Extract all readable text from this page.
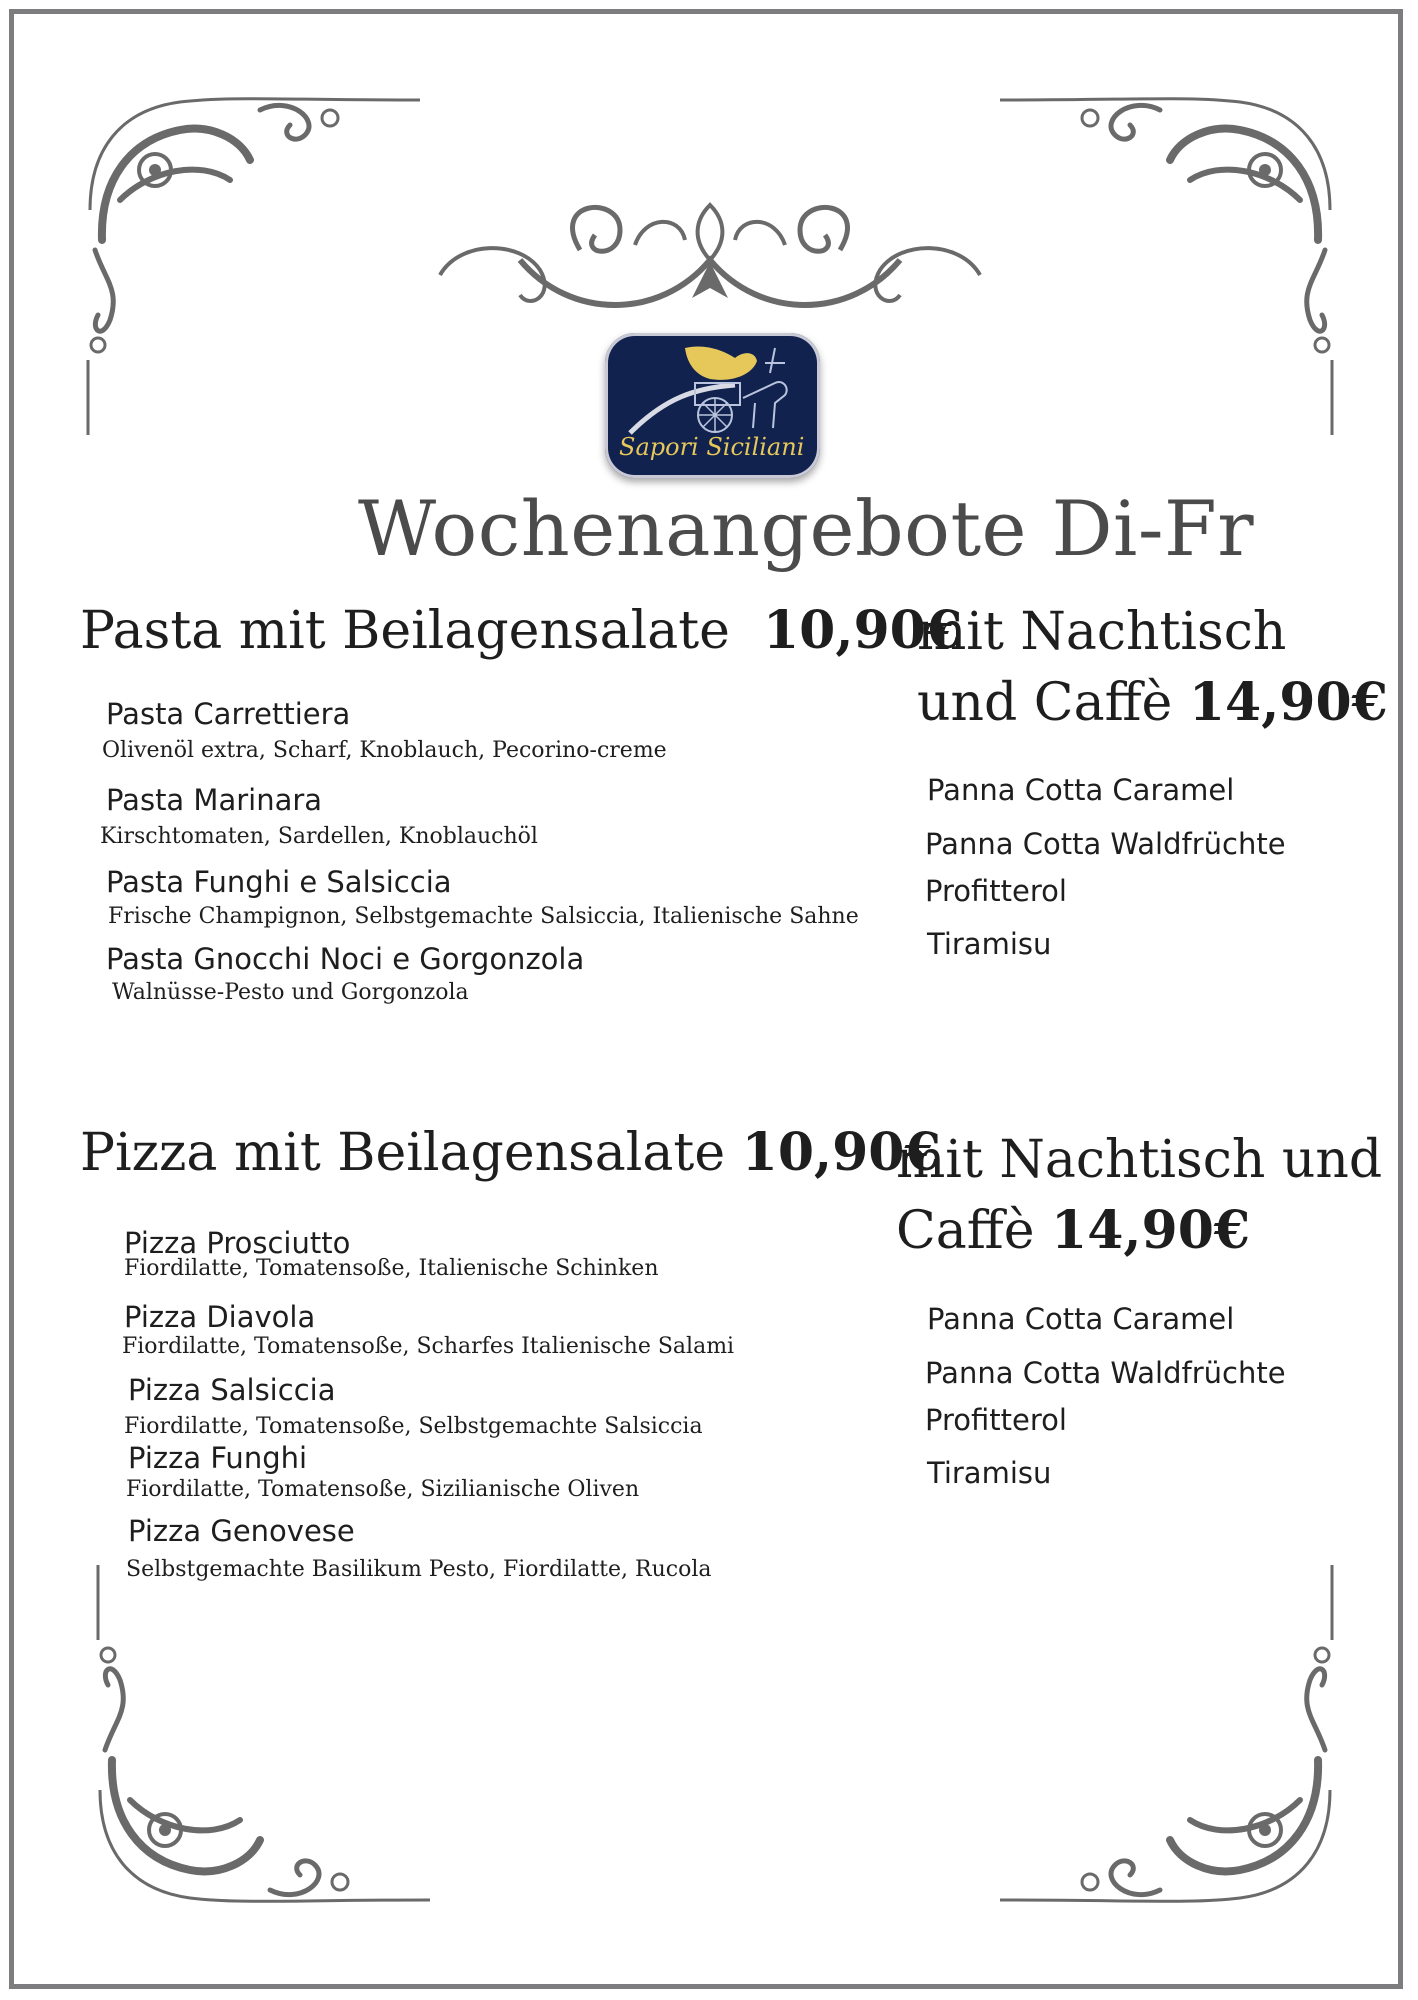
Sapori Siciliani
Wochenangebote Di-Fr
Pasta mit Beilagensalate 10,90€
Pasta Carrettiera
Olivenöl extra, Scharf, Knoblauch, Pecorino-creme
Pasta Marinara
Kirschtomaten, Sardellen, Knoblauchöl
Pasta Funghi e Salsiccia
Frische Champignon, Selbstgemachte Salsiccia, Italienische Sahne
Pasta Gnocchi Noci e Gorgonzola
Walnüsse-Pesto und Gorgonzola
mit Nachtisch
und Caffè 14,90€
Panna Cotta Caramel
Panna Cotta Waldfrüchte
Profitterol
Tiramisu
Pizza mit Beilagensalate 10,90€
Pizza Prosciutto
Fiordilatte, Tomatensoße, Italienische Schinken
Pizza Diavola
Fiordilatte, Tomatensoße, Scharfes Italienische Salami
Pizza Salsiccia
Fiordilatte, Tomatensoße, Selbstgemachte Salsiccia
Pizza Funghi
Fiordilatte, Tomatensoße, Sizilianische Oliven
Pizza Genovese
Selbstgemachte Basilikum Pesto, Fiordilatte, Rucola
mit Nachtisch und
Caffè 14,90€
Panna Cotta Caramel
Panna Cotta Waldfrüchte
Profitterol
Tiramisu
